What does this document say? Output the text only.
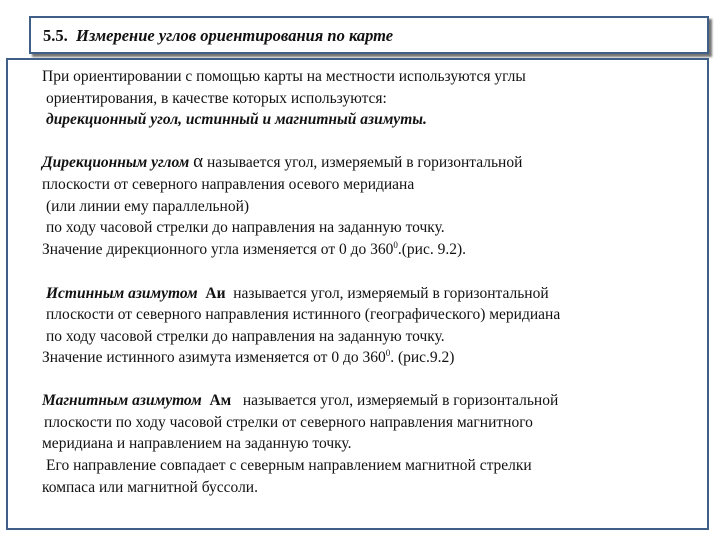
5.5. Измерение углов ориентирования по карте
При ориентировании с помощью карты на местности используются углы
ориентирования, в качестве которых используются:
дирекционный угол, истинный и магнитный азимуты.
Дирекционным углом α называется угол, измеряемый в горизонтальной
плоскости от северного направления осевого меридиана
(или линии ему параллельной)
по ходу часовой стрелки до направления на заданную точку.
Значение дирекционного угла изменяется от 0 до $360^0.(рис$. 9.2).
Истинным азимутом Аи называется угол, измеряемый в горизонтальной
плоскости от северного направления истинного (географического) меридиана
по ходу часовой стрелки до направления на заданную точку.
Значение истинного азимута изменяется от 0 до $360^0$. (рис.9.2)
Магнитным азимутом Ам называется угол, измеряемый в горизонтальной
плоскости по ходу часовой стрелки от северного направления магнитного
меридиана и направлением на заданную точку.
Его направление совпадает с северным направлением магнитной стрелки
компаса или магнитной буссоли.
